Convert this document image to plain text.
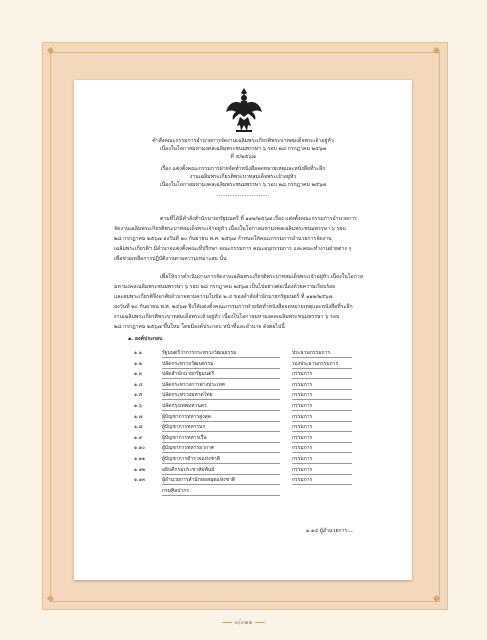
คำสั่งคณะกรรมการอำนวยการจัดงานเฉลิมพระเกียรติพระบาทสมเด็จพระเจ้าอยู่หัว
เนื่องในโอกาสมหามงคลเฉลิมพระชนมพรรษา ๖ รอบ ๒๘ กรกฎาคม ๒๕๖๗
ที่ ๕/๒๕๖๗
เรื่อง แต่งตั้งคณะกรรมการฝ่ายจัดทำหนังสือจดหมายเหตุและหนังสือที่ระลึก
งานเฉลิมพระเกียรติพระบาทสมเด็จพระเจ้าอยู่หัว
เนื่องในโอกาสมหามงคลเฉลิมพระชนมพรรษา ๖ รอบ ๒๘ กรกฎาคม ๒๕๖๗
…………………………
ตามที่ได้มีคำสั่งสำนักนายกรัฐมนตรี ที่ ๑๑๒/๒๕๖๗ เรื่อง แต่งตั้งคณะกรรมการอำนวยการ
จัดงานเฉลิมพระเกียรติพระบาทสมเด็จพระเจ้าอยู่หัว เนื่องในโอกาสมหามงคลเฉลิมพระชนมพรรษา ๖ รอบ
๒๘ กรกฎาคม ๒๕๖๗ ลงวันที่ ๒๐ กันยายน พ.ศ. ๒๕๖๗ กำหนดให้คณะกรรมการอำนวยการจัดงาน
เฉลิมพระเกียรติฯ มีอำนาจแต่งตั้งคณะที่ปรึกษา คณะกรรมการ คณะอนุกรรมการ และคณะทำงานฝ่ายต่าง ๆ
เพื่อช่วยเหลือการปฏิบัติงานตามความเหมาะสม นั้น
เพื่อให้การดำเนินงานการจัดงานเฉลิมพระเกียรติพระบาทสมเด็จพระเจ้าอยู่หัว เนื่องในโอกาส
มหามงคลเฉลิมพระชนมพรรษา ๖ รอบ ๒๘ กรกฎาคม ๒๕๖๗ เป็นไปอย่างต่อเนื่องด้วยความเรียบร้อย
และสมพระเกียรติจึงอาศัยอำนาจตามความในข้อ ๒.๔ ของคำสั่งสำนักนายกรัฐมนตรี ที่ ๑๑๒/๒๕๖๗
ลงวันที่ ๒๐ กันยายน พ.ศ. ๒๕๖๗ จึงให้แต่งตั้งคณะกรรมการฝ่ายจัดทำหนังสือจดหมายเหตุและหนังสือที่ระลึก
งานเฉลิมพระเกียรติพระบาทสมเด็จพระเจ้าอยู่หัว เนื่องในโอกาสมหามงคลเฉลิมพระชนมพรรษา ๖ รอบ
๒๘ กรกฎาคม ๒๕๖๗ ขึ้นใหม่ โดยมีองค์ประกอบ หน้าที่และอำนาจ ดังต่อไปนี้
๑. องค์ประกอบ
๑.๑	รัฐมนตรีว่าการกระทรวงวัฒนธรรม	ประธานกรรมการ
๑.๒	ปลัดกระทรวงวัฒนธรรม	รองประธานกรรมการ
๑.๓	ปลัดสำนักนายกรัฐมนตรี	กรรมการ
๑.๔	ปลัดกระทรวงการต่างประเทศ	กรรมการ
๑.๕	ปลัดกระทรวงมหาดไทย	กรรมการ
๑.๖	ปลัดกรุงเทพมหานคร	กรรมการ
๑.๗	ผู้บัญชาการทหารสูงสุด	กรรมการ
๑.๘	ผู้บัญชาการทหารบก	กรรมการ
๑.๙	ผู้บัญชาการทหารเรือ	กรรมการ
๑.๑๐	ผู้บัญชาการทหารอากาศ	กรรมการ
๑.๑๑	ผู้บัญชาการตำรวจแห่งชาติ	กรรมการ
๑.๑๒	อธิบดีกรมประชาสัมพันธ์	กรรมการ
๑.๑๓	ผู้อำนวยการสำนักหอสมุดแห่งชาติ	กรรมการ
กรมศิลปากร
๑.๑๔ ผู้อำนวยการ....
๓/๓๑๑
